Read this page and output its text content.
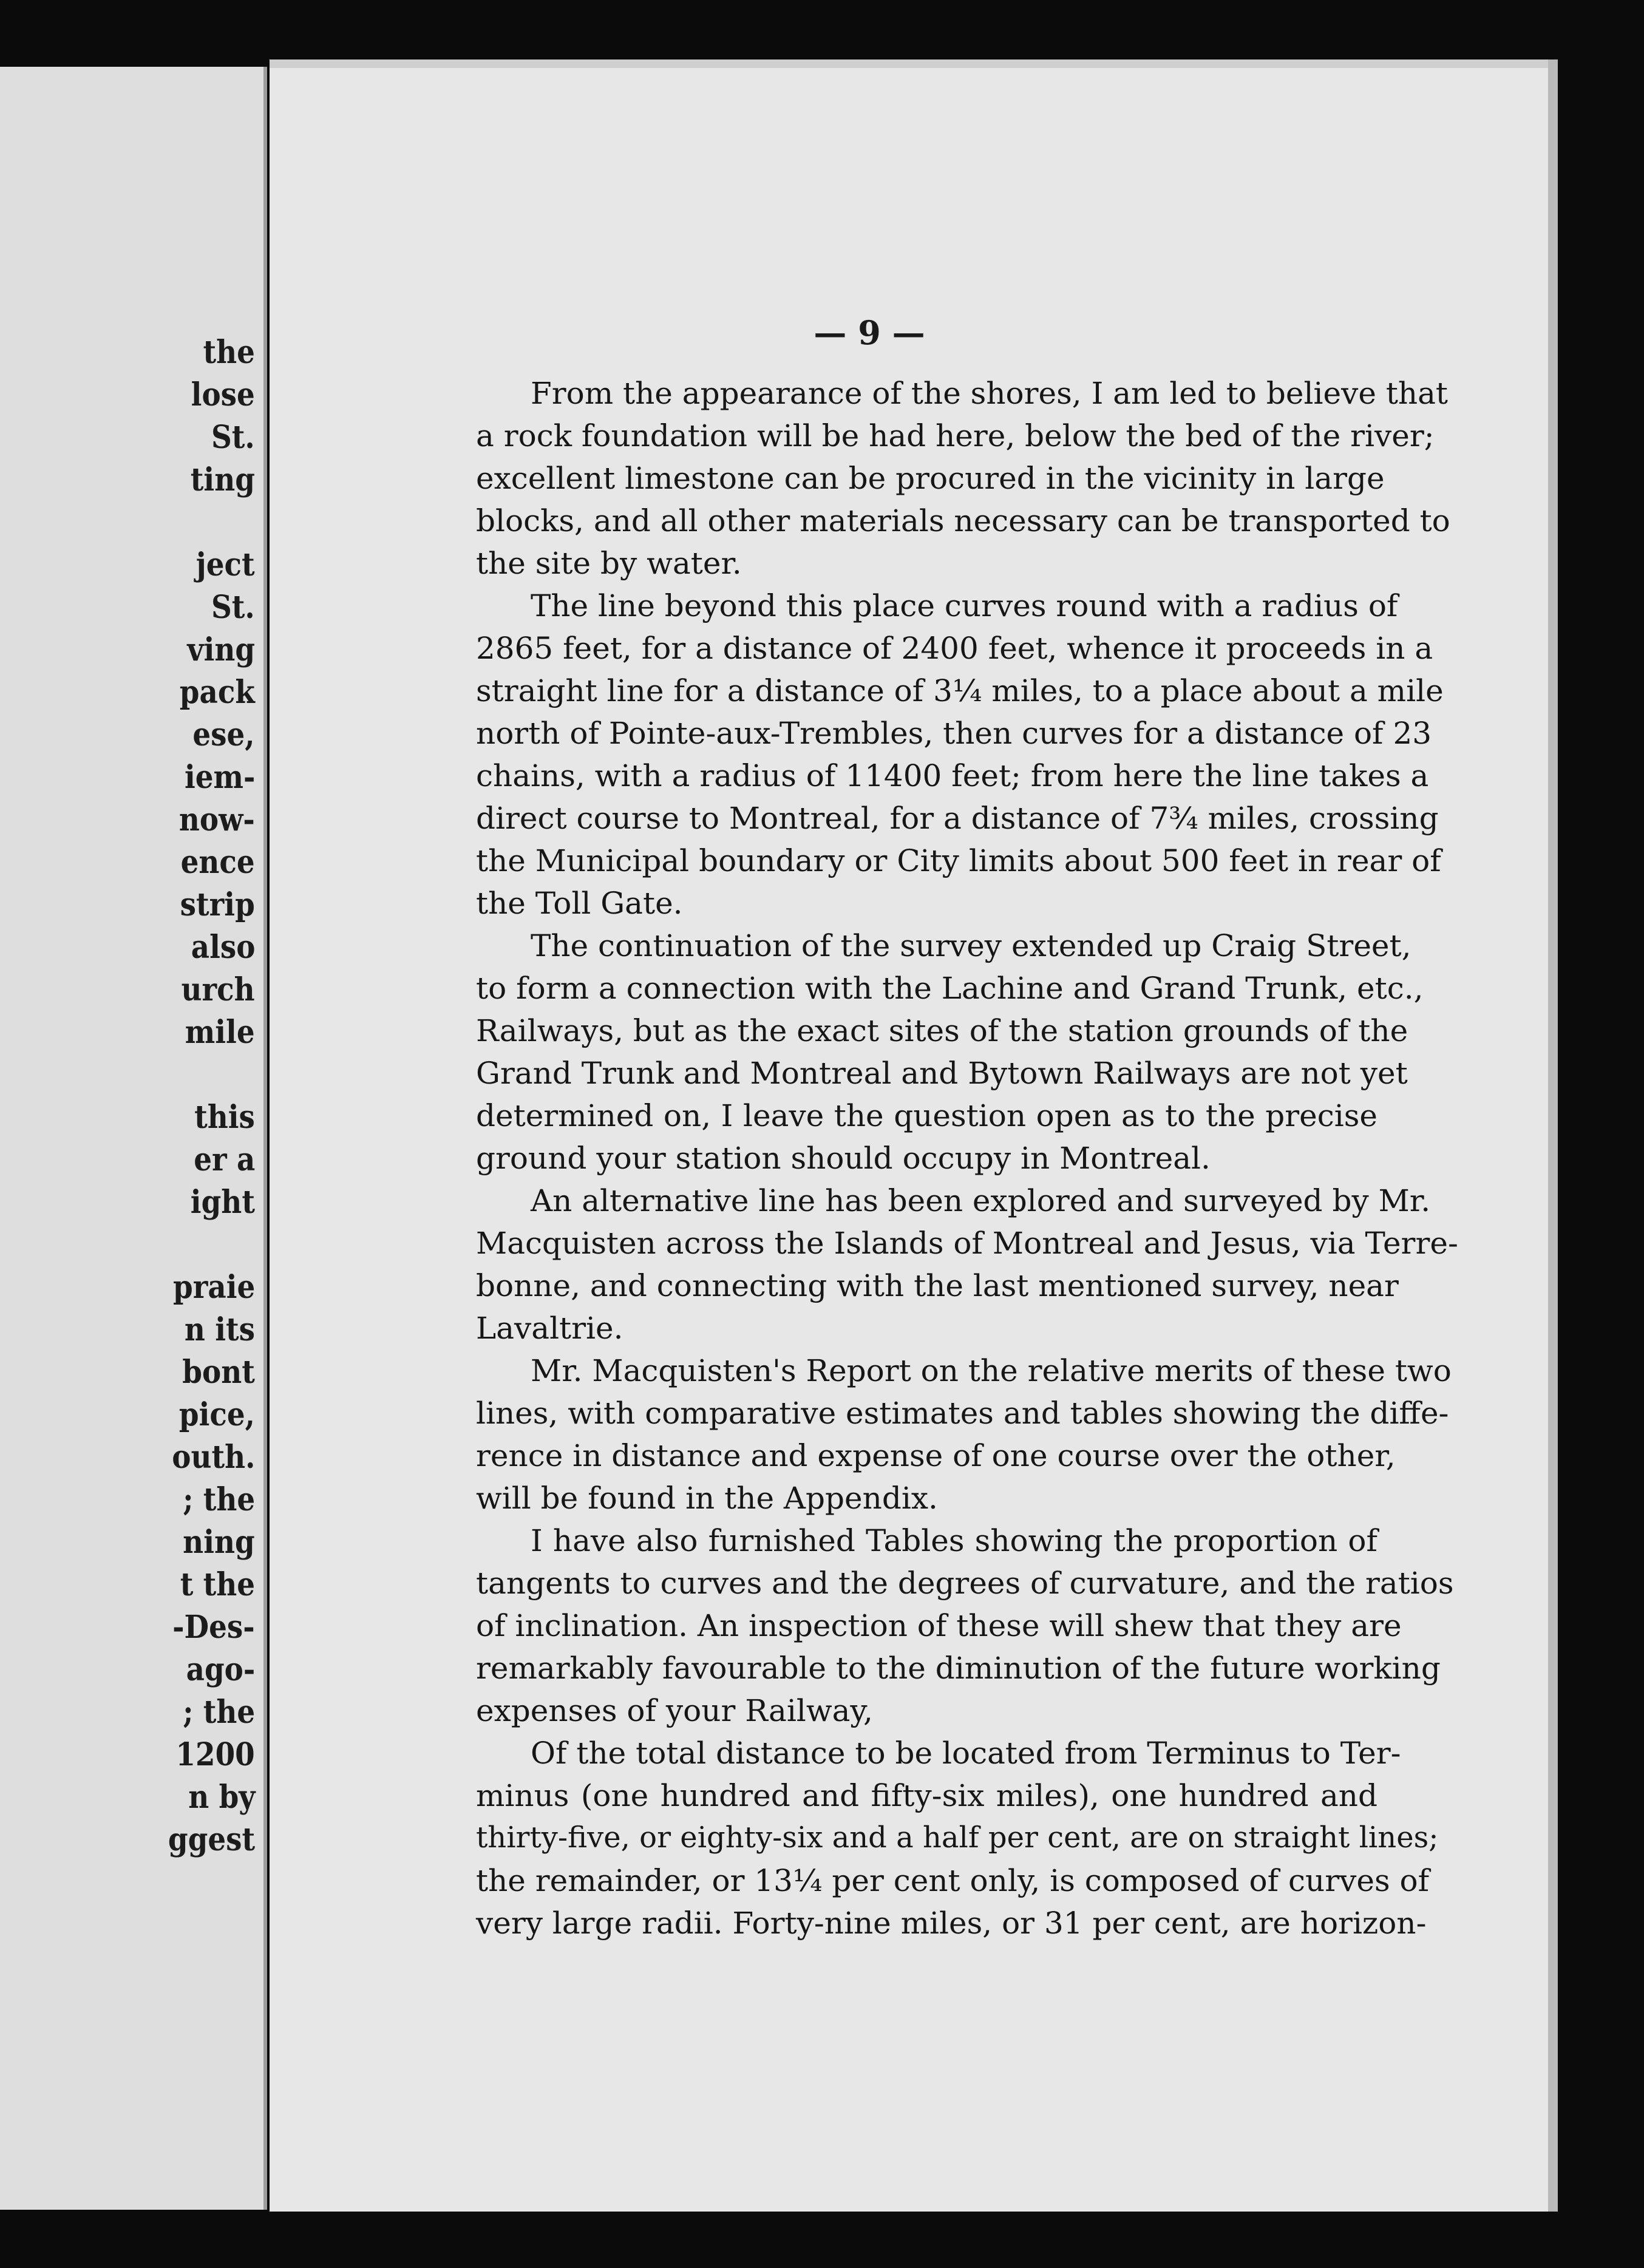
the
lose
St.
ting
ject
St.
ving
pack
ese,
iem-
now-
ence
strip
also
urch
mile
this
er a
ight
praie
n its
bont
pice,
outh.
; the
ning
t the
-Des-
ago-
; the
1200
n by
ggest
— 9 —
From the appearance of the shores, I am led to believe that
a rock foundation will be had here, below the bed of the river;
excellent limestone can be procured in the vicinity in large
blocks, and all other materials necessary can be transported to
the site by water.
The line beyond this place curves round with a radius of
2865 feet, for a distance of 2400 feet, whence it proceeds in a
straight line for a distance of 3¼ miles, to a place about a mile
north of Pointe-aux-Trembles, then curves for a distance of 23
chains, with a radius of 11400 feet; from here the line takes a
direct course to Montreal, for a distance of 7¾ miles, crossing
the Municipal boundary or City limits about 500 feet in rear of
the Toll Gate.
The continuation of the survey extended up Craig Street,
to form a connection with the Lachine and Grand Trunk, etc.,
Railways, but as the exact sites of the station grounds of the
Grand Trunk and Montreal and Bytown Railways are not yet
determined on, I leave the question open as to the precise
ground your station should occupy in Montreal.
An alternative line has been explored and surveyed by Mr.
Macquisten across the Islands of Montreal and Jesus, via Terre-
bonne, and connecting with the last mentioned survey, near
Lavaltrie.
Mr. Macquisten's Report on the relative merits of these two
lines, with comparative estimates and tables showing the diffe-
rence in distance and expense of one course over the other,
will be found in the Appendix.
I have also furnished Tables showing the proportion of
tangents to curves and the degrees of curvature, and the ratios
of inclination. An inspection of these will shew that they are
remarkably favourable to the diminution of the future working
expenses of your Railway,
Of the total distance to be located from Terminus to Ter-
minus (one hundred and fifty-six miles), one hundred and
thirty-five, or eighty-six and a half per cent, are on straight lines;
the remainder, or 13¼ per cent only, is composed of curves of
very large radii. Forty-nine miles, or 31 per cent, are horizon-
